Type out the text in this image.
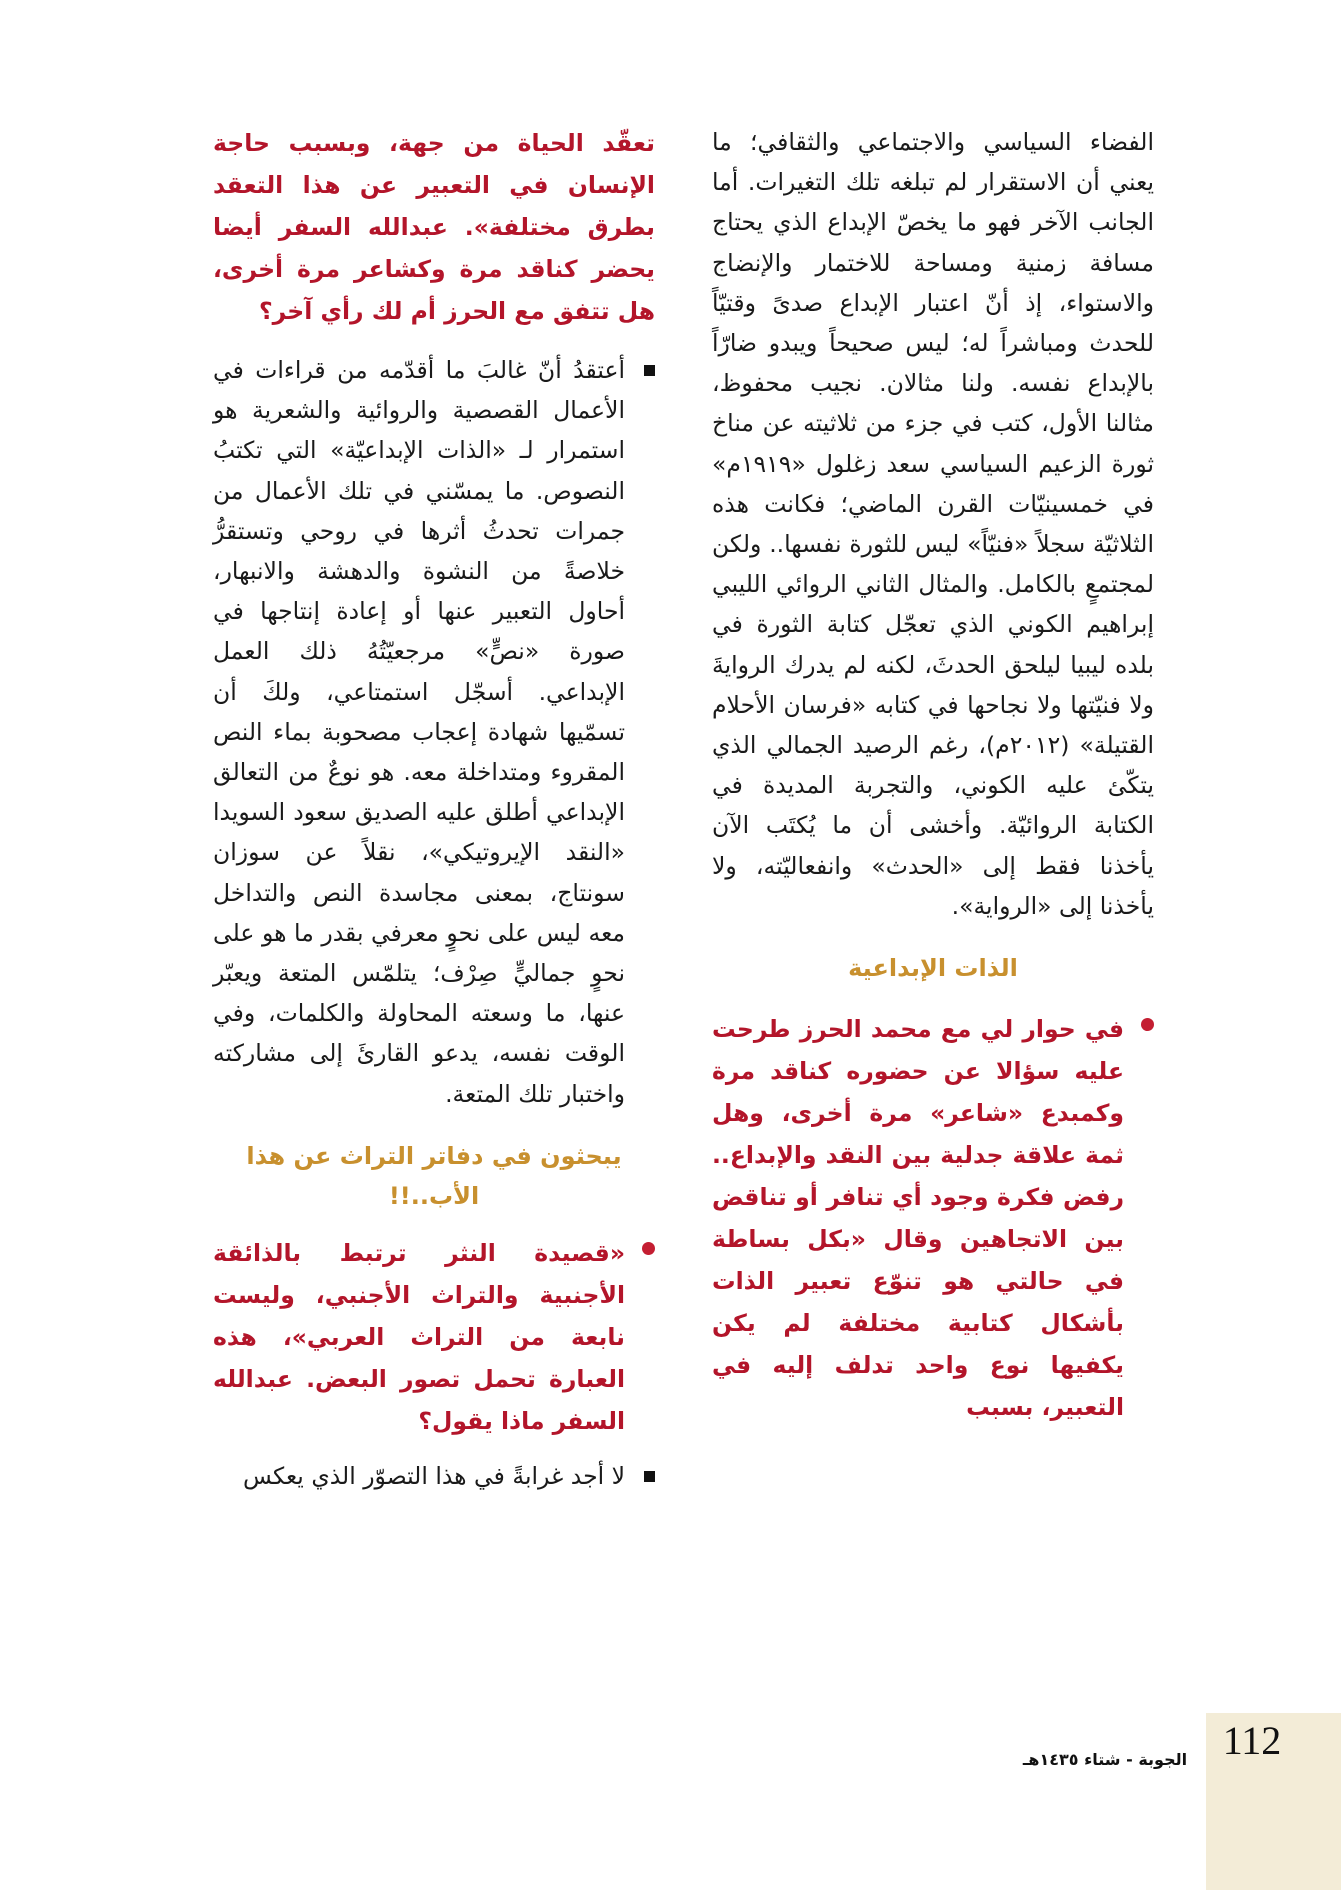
الفضاء السياسي والاجتماعي والثقافي؛ ما يعني أن الاستقرار لم تبلغه تلك التغيرات. أما الجانب الآخر فهو ما يخصّ الإبداع الذي يحتاج مسافة زمنية ومساحة للاختمار والإنضاج والاستواء، إذ أنّ اعتبار الإبداع صدىً وقتيّاً للحدث ومباشراً له؛ ليس صحيحاً ويبدو ضارّاً بالإبداع نفسه. ولنا مثالان. نجيب محفوظ، مثالنا الأول، كتب في جزء من ثلاثيته عن مناخ ثورة الزعيم السياسي سعد زغلول «١٩١٩م» في خمسينيّات القرن الماضي؛ فكانت هذه الثلاثيّة سجلاً «فنيّاً» ليس للثورة نفسها.. ولكن لمجتمعٍ بالكامل. والمثال الثاني الروائي الليبي إبراهيم الكوني الذي تعجّل كتابة الثورة في بلده ليبيا ليلحق الحدثَ، لكنه لم يدرك الروايةَ ولا فنيّتها ولا نجاحها في كتابه «فرسان الأحلام القتيلة» (٢٠١٢م)، رغم الرصيد الجمالي الذي يتكّئ عليه الكوني، والتجربة المديدة في الكتابة الروائيّة. وأخشى أن ما يُكتَب الآن يأخذنا فقط إلى «الحدث» وانفعاليّته، ولا يأخذنا إلى «الرواية».

الذات الإبداعية

في حوار لي مع محمد الحرز طرحت عليه سؤالا عن حضوره كناقد مرة وكمبدع «شاعر» مرة أخرى، وهل ثمة علاقة جدلية بين النقد والإبداع.. رفض فكرة وجود أي تنافر أو تناقض بين الاتجاهين وقال «بكل بساطة في حالتي هو تنوّع تعبير الذات بأشكال كتابية مختلفة لم يكن يكفيها نوع واحد تدلف إليه في التعبير، بسبب

تعقّد الحياة من جهة، وبسبب حاجة الإنسان في التعبير عن هذا التعقد بطرق مختلفة». عبدالله السفر أيضا يحضر كناقد مرة وكشاعر مرة أخرى، هل تتفق مع الحرز أم لك رأي آخر؟

أعتقدُ أنّ غالبَ ما أقدّمه من قراءات في الأعمال القصصية والروائية والشعرية هو استمرار لـ «الذات الإبداعيّة» التي تكتبُ النصوص. ما يمسّني في تلك الأعمال من جمرات تحدثُ أثرها في روحي وتستقرُّ خلاصةً من النشوة والدهشة والانبهار، أحاول التعبير عنها أو إعادة إنتاجها في صورة «نصٍّ» مرجعيّتُهُ ذلك العمل الإبداعي. أسجّل استمتاعي، ولكَ أن تسمّيها شهادة إعجاب مصحوبة بماء النص المقروء ومتداخلة معه. هو نوعٌ من التعالق الإبداعي أطلق عليه الصديق سعود السويدا «النقد الإيروتيكي»، نقلاً عن سوزان سونتاج، بمعنى مجاسدة النص والتداخل معه ليس على نحوٍ معرفي بقدر ما هو على نحوٍ جماليٍّ صِرْف؛ يتلمّس المتعة ويعبّر عنها، ما وسعته المحاولة والكلمات، وفي الوقت نفسه، يدعو القارئَ إلى مشاركته واختبار تلك المتعة.

يبحثون في دفاتر التراث عن هذا الأب..!!

«قصيدة النثر ترتبط بالذائقة الأجنبية والتراث الأجنبي، وليست نابعة من التراث العربي»، هذه العبارة تحمل تصور البعض. عبدالله السفر ماذا يقول؟

لا أجد غرابةً في هذا التصوّر الذي يعكس

112
الجوبة - شتاء ١٤٣٥هـ
